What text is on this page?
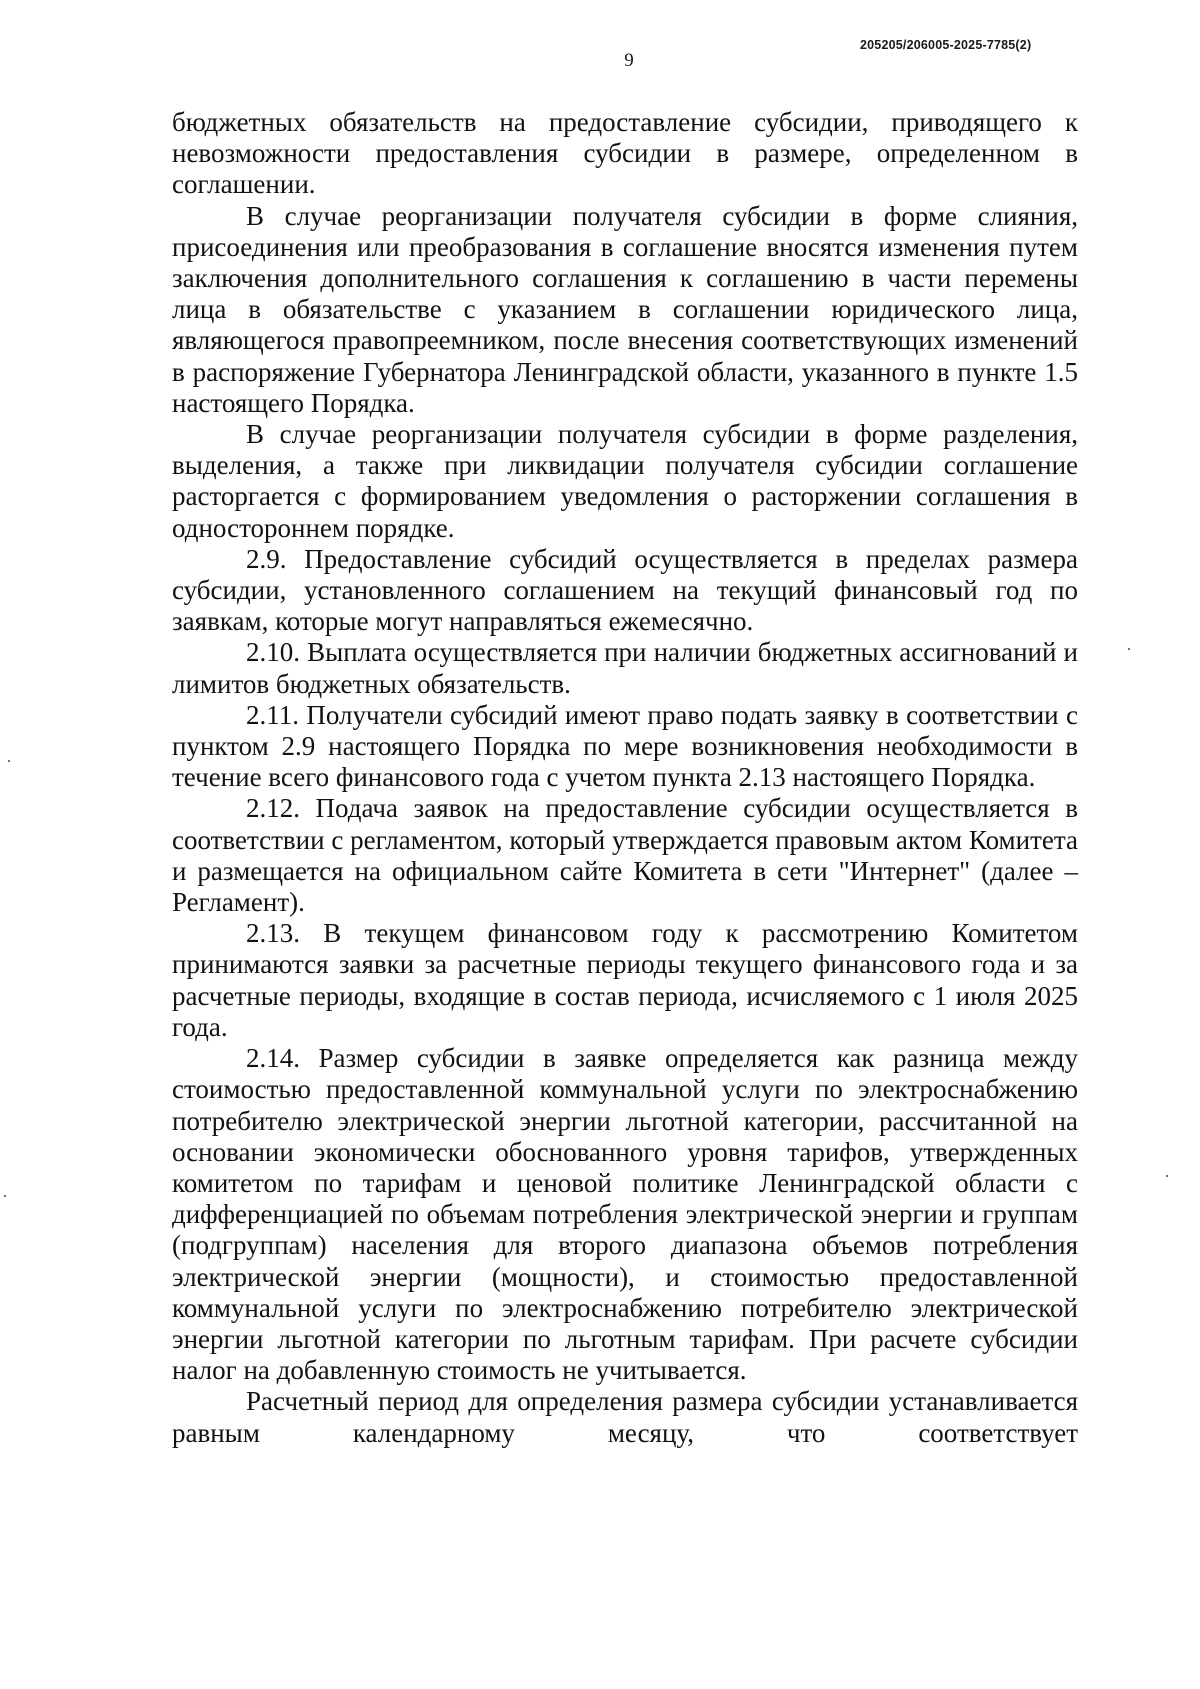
9
205205/206005-2025-7785(2)

бюджетных обязательств на предоставление субсидии, приводящего к невозможности предоставления субсидии в размере, определенном в соглашении.

В случае реорганизации получателя субсидии в форме слияния, присоединения или преобразования в соглашение вносятся изменения путем заключения дополнительного соглашения к соглашению в части перемены лица в обязательстве с указанием в соглашении юридического лица, являющегося правопреемником, после внесения соответствующих изменений в распоряжение Губернатора Ленинградской области, указанного в пункте 1.5 настоящего Порядка.

В случае реорганизации получателя субсидии в форме разделения, выделения, а также при ликвидации получателя субсидии соглашение расторгается с формированием уведомления о расторжении соглашения в одностороннем порядке.

2.9. Предоставление субсидий осуществляется в пределах размера субсидии, установленного соглашением на текущий финансовый год по заявкам, которые могут направляться ежемесячно.

2.10. Выплата осуществляется при наличии бюджетных ассигнований и лимитов бюджетных обязательств.

2.11. Получатели субсидий имеют право подать заявку в соответствии с пунктом 2.9 настоящего Порядка по мере возникновения необходимости в течение всего финансового года с учетом пункта 2.13 настоящего Порядка.

2.12. Подача заявок на предоставление субсидии осуществляется в соответствии с регламентом, который утверждается правовым актом Комитета и размещается на официальном сайте Комитета в сети "Интернет" (далее – Регламент).

2.13. В текущем финансовом году к рассмотрению Комитетом принимаются заявки за расчетные периоды текущего финансового года и за расчетные периоды, входящие в состав периода, исчисляемого с 1 июля 2025 года.

2.14. Размер субсидии в заявке определяется как разница между стоимостью предоставленной коммунальной услуги по электроснабжению потребителю электрической энергии льготной категории, рассчитанной на основании экономически обоснованного уровня тарифов, утвержденных комитетом по тарифам и ценовой политике Ленинградской области с дифференциацией по объемам потребления электрической энергии и группам (подгруппам) населения для второго диапазона объемов потребления электрической энергии (мощности), и стоимостью предоставленной коммунальной услуги по электроснабжению потребителю электрической энергии льготной категории по льготным тарифам. При расчете субсидии налог на добавленную стоимость не учитывается.

Расчетный период для определения размера субсидии устанавливается равным календарному месяцу, что соответствует
